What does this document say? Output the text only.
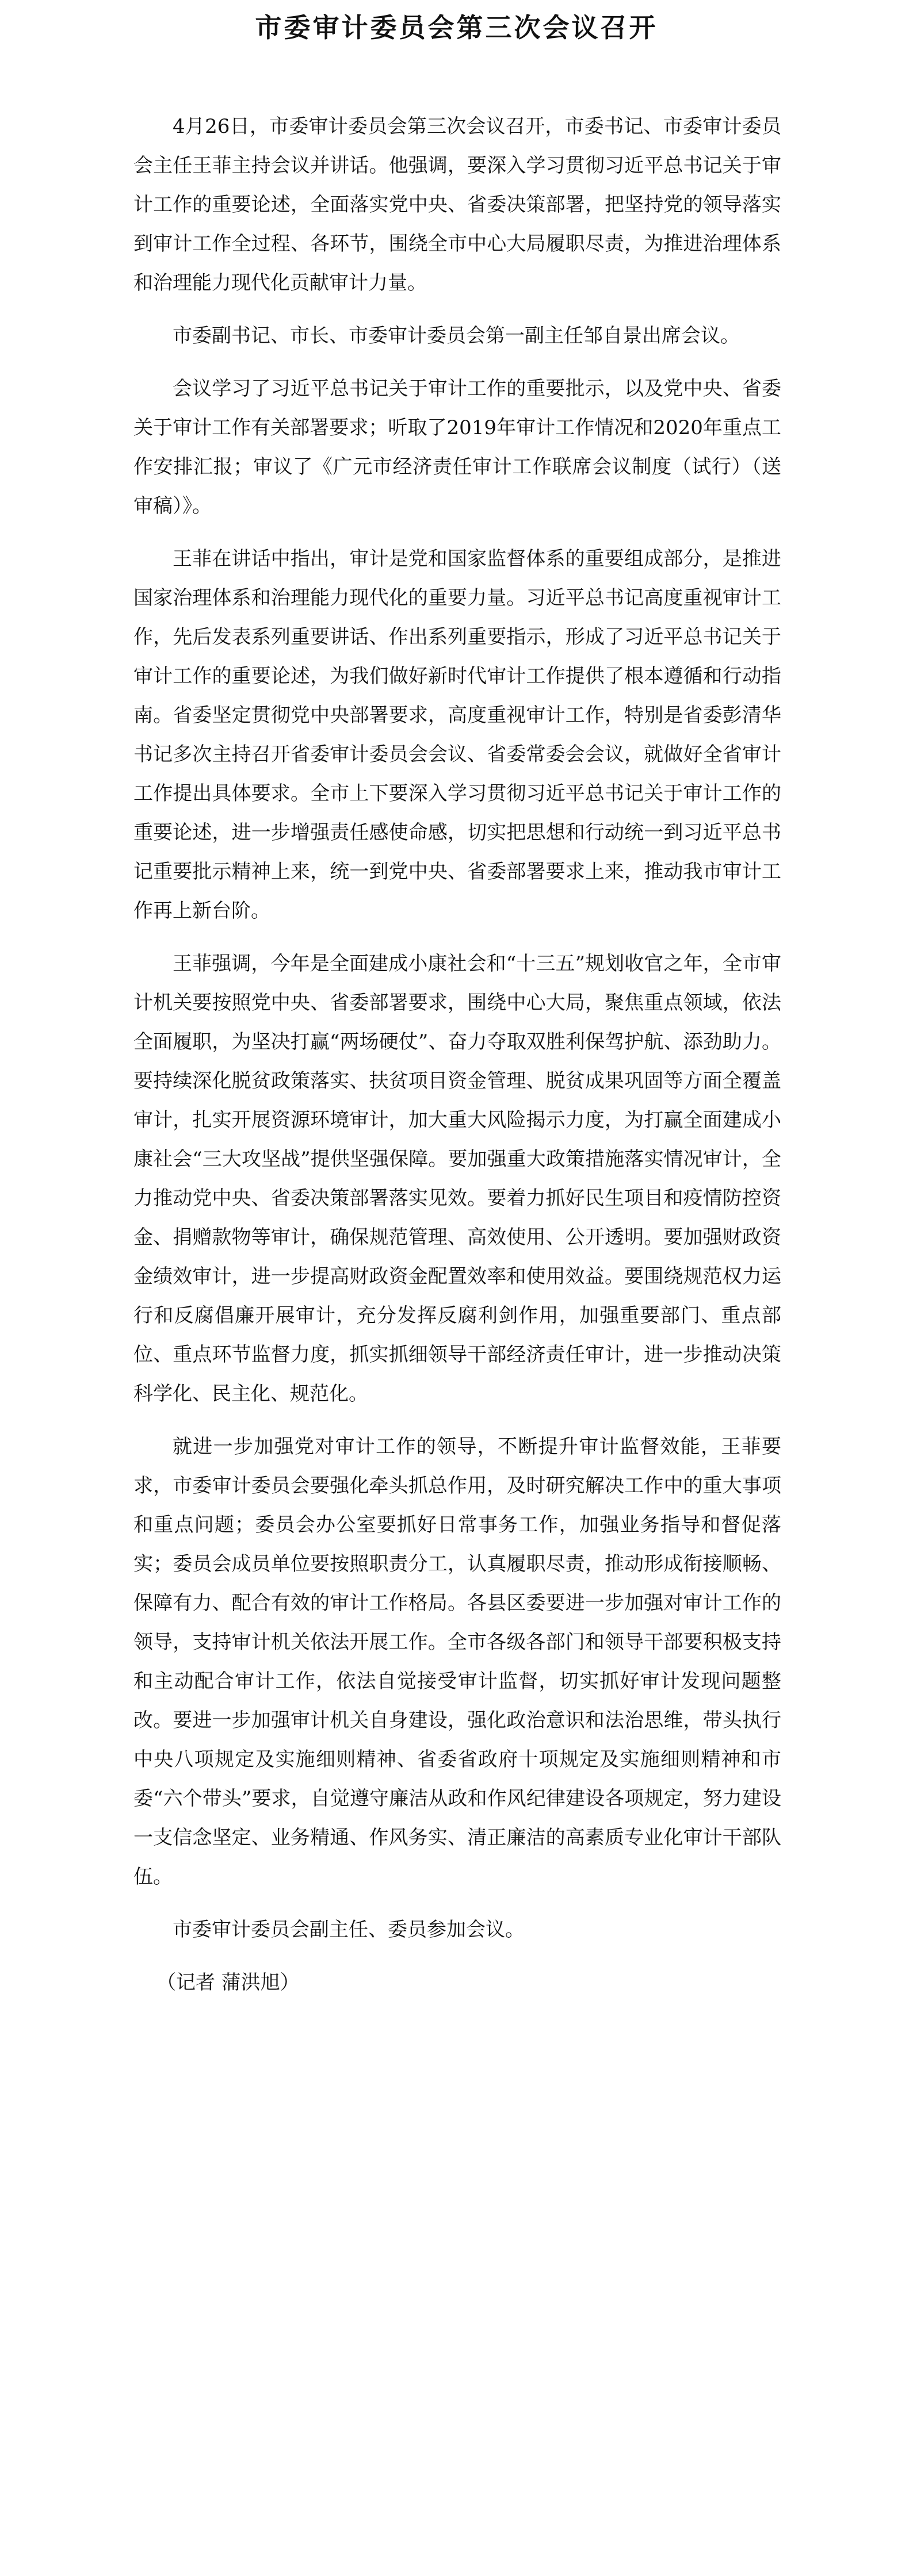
市委审计委员会第三次会议召开

4月26日，市委审计委员会第三次会议召开，市委书记、市委审计委员会主任王菲主持会议并讲话。他强调，要深入学习贯彻习近平总书记关于审计工作的重要论述，全面落实党中央、省委决策部署，把坚持党的领导落实到审计工作全过程、各环节，围绕全市中心大局履职尽责，为推进治理体系和治理能力现代化贡献审计力量。

市委副书记、市长、市委审计委员会第一副主任邹自景出席会议。

会议学习了习近平总书记关于审计工作的重要批示，以及党中央、省委关于审计工作有关部署要求；听取了2019年审计工作情况和2020年重点工作安排汇报；审议了《广元市经济责任审计工作联席会议制度（试行）（送审稿）》。

王菲在讲话中指出，审计是党和国家监督体系的重要组成部分，是推进国家治理体系和治理能力现代化的重要力量。习近平总书记高度重视审计工作，先后发表系列重要讲话、作出系列重要指示，形成了习近平总书记关于审计工作的重要论述，为我们做好新时代审计工作提供了根本遵循和行动指南。省委坚定贯彻党中央部署要求，高度重视审计工作，特别是省委彭清华书记多次主持召开省委审计委员会会议、省委常委会会议，就做好全省审计工作提出具体要求。全市上下要深入学习贯彻习近平总书记关于审计工作的重要论述，进一步增强责任感使命感，切实把思想和行动统一到习近平总书记重要批示精神上来，统一到党中央、省委部署要求上来，推动我市审计工作再上新台阶。

王菲强调，今年是全面建成小康社会和“十三五”规划收官之年，全市审计机关要按照党中央、省委部署要求，围绕中心大局，聚焦重点领域，依法全面履职，为坚决打赢“两场硬仗”、奋力夺取双胜利保驾护航、添劲助力。要持续深化脱贫政策落实、扶贫项目资金管理、脱贫成果巩固等方面全覆盖审计，扎实开展资源环境审计，加大重大风险揭示力度，为打赢全面建成小康社会“三大攻坚战”提供坚强保障。要加强重大政策措施落实情况审计，全力推动党中央、省委决策部署落实见效。要着力抓好民生项目和疫情防控资金、捐赠款物等审计，确保规范管理、高效使用、公开透明。要加强财政资金绩效审计，进一步提高财政资金配置效率和使用效益。要围绕规范权力运行和反腐倡廉开展审计，充分发挥反腐利剑作用，加强重要部门、重点部位、重点环节监督力度，抓实抓细领导干部经济责任审计，进一步推动决策科学化、民主化、规范化。

就进一步加强党对审计工作的领导，不断提升审计监督效能，王菲要求，市委审计委员会要强化牵头抓总作用，及时研究解决工作中的重大事项和重点问题；委员会办公室要抓好日常事务工作，加强业务指导和督促落实；委员会成员单位要按照职责分工，认真履职尽责，推动形成衔接顺畅、保障有力、配合有效的审计工作格局。各县区委要进一步加强对审计工作的领导，支持审计机关依法开展工作。全市各级各部门和领导干部要积极支持和主动配合审计工作，依法自觉接受审计监督，切实抓好审计发现问题整改。要进一步加强审计机关自身建设，强化政治意识和法治思维，带头执行中央八项规定及实施细则精神、省委省政府十项规定及实施细则精神和市委“六个带头”要求，自觉遵守廉洁从政和作风纪律建设各项规定，努力建设一支信念坚定、业务精通、作风务实、清正廉洁的高素质专业化审计干部队伍。

市委审计委员会副主任、委员参加会议。

（记者 蒲洪旭）
